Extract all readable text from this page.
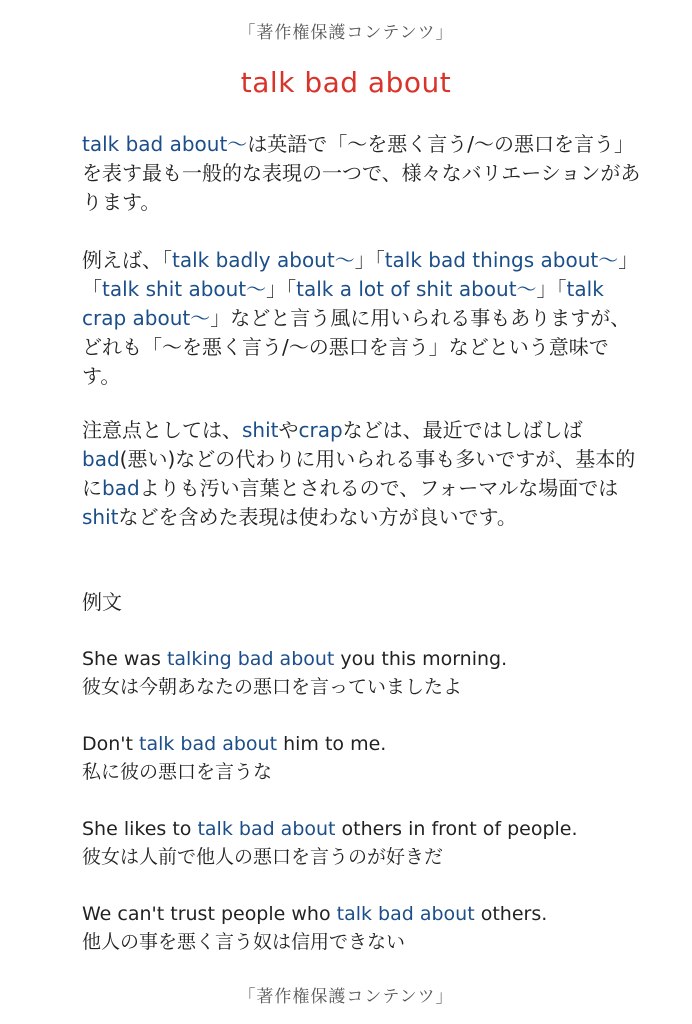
「著作権保護コンテンツ」
talk bad about

talk bad about〜は英語で「〜を悪く言う/〜の悪口を言う」を表す最も一般的な表現の一つで、様々なバリエーションがあります。

例えば、「talk badly about〜」「talk bad things about〜」「talk shit about〜」「talk a lot of shit about〜」「talk crap about〜」などと言う風に用いられる事もありますが、どれも「〜を悪く言う/〜の悪口を言う」などという意味です。

注意点としては、shitやcrapなどは、最近ではしばしばbad(悪い)などの代わりに用いられる事も多いですが、基本的にbadよりも汚い言葉とされるので、フォーマルな場面ではshitなどを含めた表現は使わない方が良いです。

例文

She was talking bad about you this morning.
彼女は今朝あなたの悪口を言っていましたよ
Don't talk bad about him to me.
私に彼の悪口を言うな
She likes to talk bad about others in front of people.
彼女は人前で他人の悪口を言うのが好きだ
We can't trust people who talk bad about others.
他人の事を悪く言う奴は信用できない
「著作権保護コンテンツ」
